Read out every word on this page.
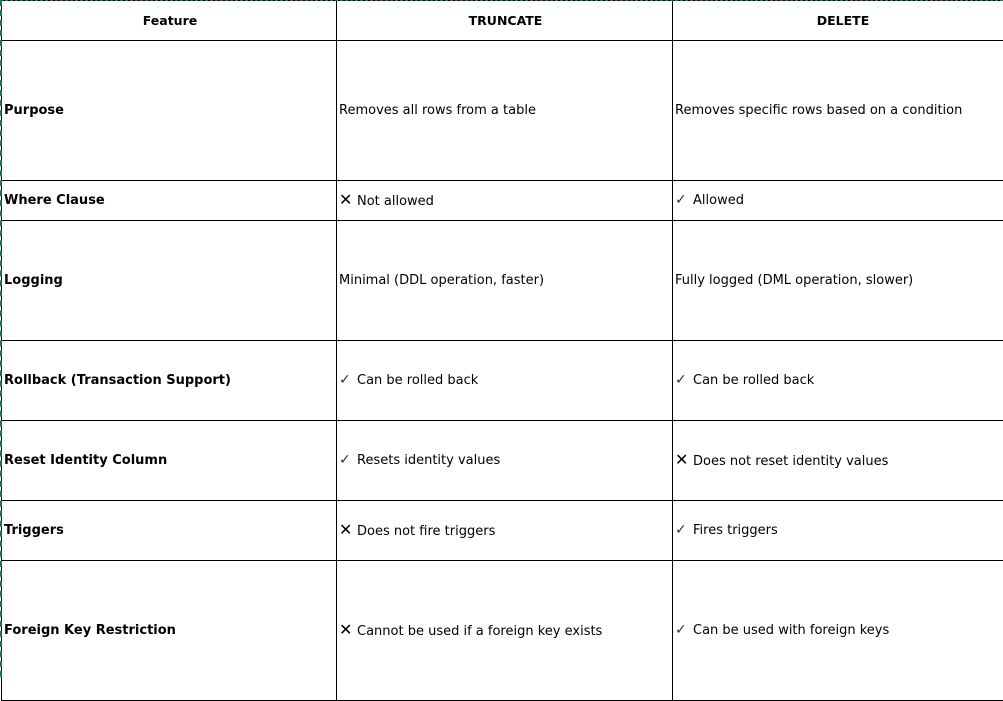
Feature	TRUNCATE	DELETE
Purpose	Removes all rows from a table	Removes specific rows based on a condition
Where Clause	✕ Not allowed	✓ Allowed
Logging	Minimal (DDL operation, faster)	Fully logged (DML operation, slower)
Rollback (Transaction Support)	✓ Can be rolled back	✓ Can be rolled back
Reset Identity Column	✓ Resets identity values	✕ Does not reset identity values
Triggers	✕ Does not fire triggers	✓ Fires triggers
Foreign Key Restriction	✕ Cannot be used if a foreign key exists	✓ Can be used with foreign keys
